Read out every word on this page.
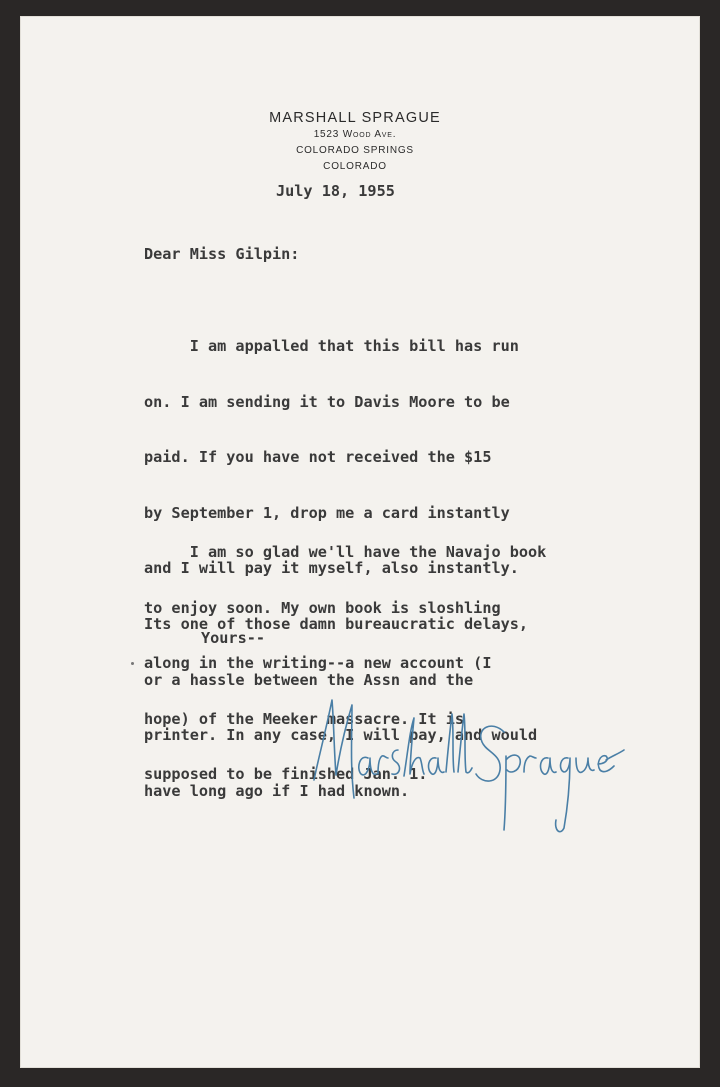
MARSHALL SPRAGUE
1523 Wood Ave.
COLORADO SPRINGS
COLORADO
July 18, 1955
Dear Miss Gilpin:

I am appalled that this bill has run

on. I am sending it to Davis Moore to be

paid. If you have not received the $15

by September 1, drop me a card instantly

and I will pay it myself, also instantly.

Its one of those damn bureaucratic delays,

or a hassle between the Assn and the

printer. In any case, I will pay, and would

have long ago if I had known.

I am so glad we'll have the Navajo book

to enjoy soon. My own book is sloshling

along in the writing--a new account (I

hope) of the Meeker massacre. It is

supposed to be finished Jan. 1.

Yours--
